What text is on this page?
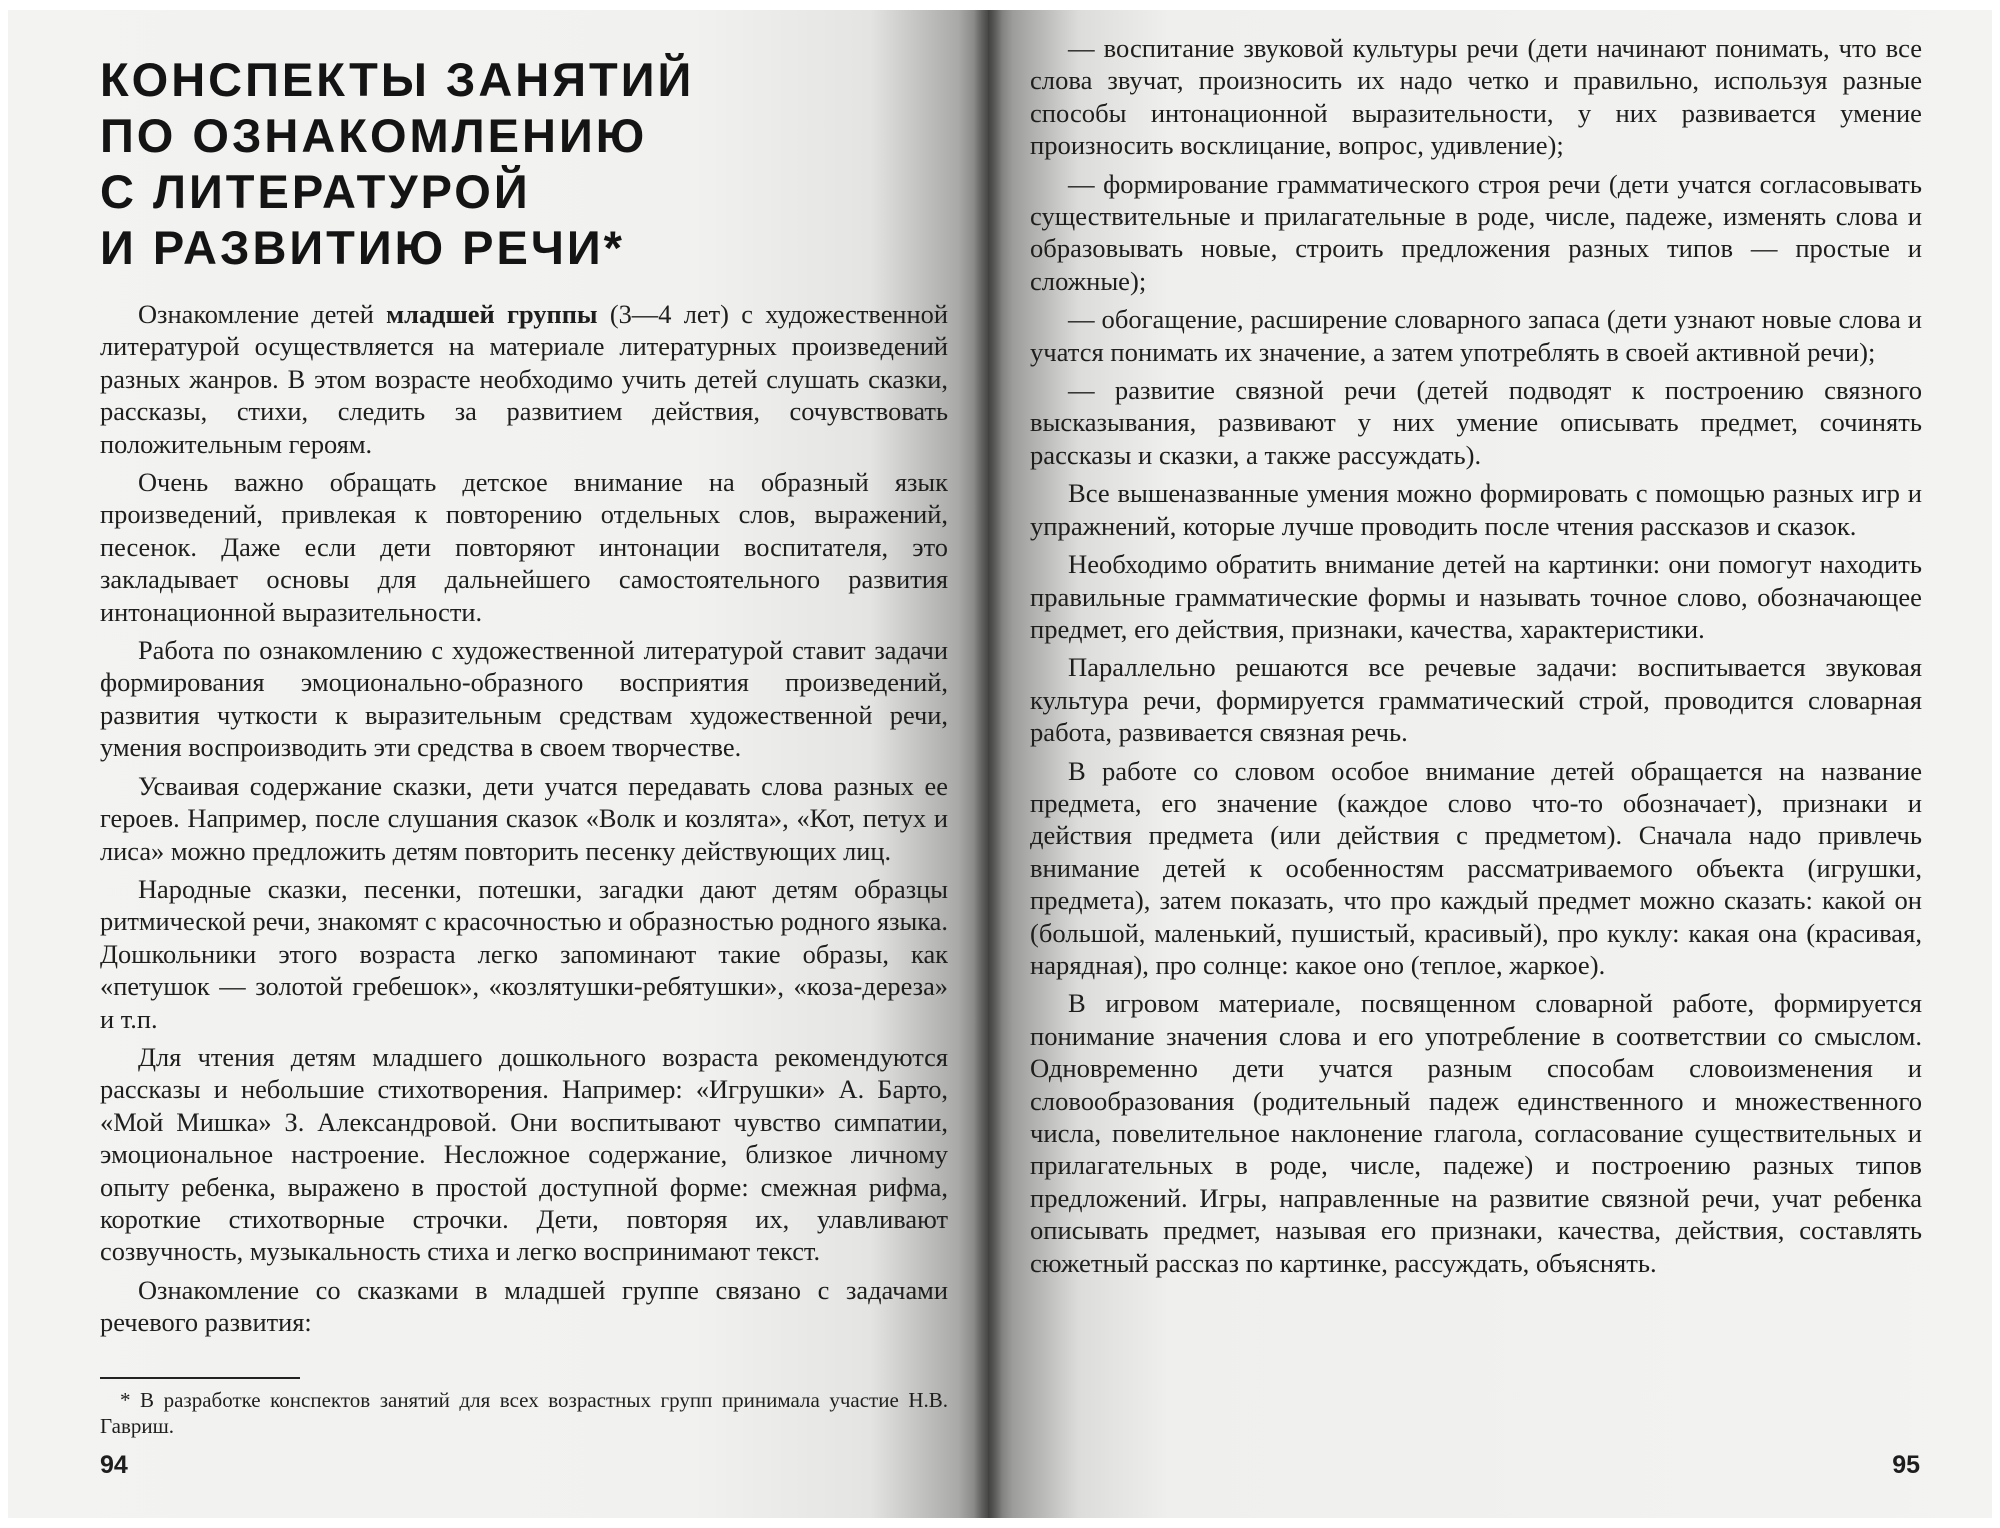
КОНСПЕКТЫ ЗАНЯТИЙ
ПО ОЗНАКОМЛЕНИЮ
С ЛИТЕРАТУРОЙ
И РАЗВИТИЮ РЕЧИ*

Ознакомление детей младшей группы (3—4 лет) с художественной литературой осуществляется на материале литературных произведений разных жанров. В этом возрасте необходимо учить детей слушать сказки, рассказы, стихи, следить за развитием действия, сочувствовать положительным героям.

Очень важно обращать детское внимание на образный язык произведений, привлекая к повторению отдельных слов, выражений, песенок. Даже если дети повторяют интонации воспитателя, это закладывает основы для дальнейшего самостоятельного развития интонационной выразительности.

Работа по ознакомлению с художественной литературой ставит задачи формирования эмоционально-образного восприятия произведений, развития чуткости к выразительным средствам художественной речи, умения воспроизводить эти средства в своем творчестве.

Усваивая содержание сказки, дети учатся передавать слова разных ее героев. Например, после слушания сказок «Волк и козлята», «Кот, петух и лиса» можно предложить детям повторить песенку действующих лиц.

Народные сказки, песенки, потешки, загадки дают детям образцы ритмической речи, знакомят с красочностью и образностью родного языка. Дошкольники этого возраста легко запоминают такие образы, как «петушок — золотой гребешок», «козлятушки-ребятушки», «коза-дереза» и т.п.

Для чтения детям младшего дошкольного возраста рекомендуются рассказы и небольшие стихотворения. Например: «Игрушки» А. Барто, «Мой Мишка» З. Александровой. Они воспитывают чувство симпатии, эмоциональное настроение. Несложное содержание, близкое личному опыту ребенка, выражено в простой доступной форме: смежная рифма, короткие стихотворные строчки. Дети, повторяя их, улавливают созвучность, музыкальность стиха и легко воспринимают текст.

Ознакомление со сказками в младшей группе связано с задачами речевого развития:

* В разработке конспектов занятий для всех возрастных групп принимала участие Н.В. Гавриш.

94

— воспитание звуковой культуры речи (дети начинают понимать, что все слова звучат, произносить их надо четко и правильно, используя разные способы интонационной выразительности, у них развивается умение произносить восклицание, вопрос, удивление);

— формирование грамматического строя речи (дети учатся согласовывать существительные и прилагательные в роде, числе, падеже, изменять слова и образовывать новые, строить предложения разных типов — простые и сложные);

— обогащение, расширение словарного запаса (дети узнают новые слова и учатся понимать их значение, а затем употреблять в своей активной речи);

— развитие связной речи (детей подводят к построению связного высказывания, развивают у них умение описывать предмет, сочинять рассказы и сказки, а также рассуждать).

Все вышеназванные умения можно формировать с помощью разных игр и упражнений, которые лучше проводить после чтения рассказов и сказок.

Необходимо обратить внимание детей на картинки: они помогут находить правильные грамматические формы и называть точное слово, обозначающее предмет, его действия, признаки, качества, характеристики.

Параллельно решаются все речевые задачи: воспитывается звуковая культура речи, формируется грамматический строй, проводится словарная работа, развивается связная речь.

В работе со словом особое внимание детей обращается на название предмета, его значение (каждое слово что-то обозначает), признаки и действия предмета (или действия с предметом). Сначала надо привлечь внимание детей к особенностям рассматриваемого объекта (игрушки, предмета), затем показать, что про каждый предмет можно сказать: какой он (большой, маленький, пушистый, красивый), про куклу: какая она (красивая, нарядная), про солнце: какое оно (теплое, жаркое).

В игровом материале, посвященном словарной работе, формируется понимание значения слова и его употребление в соответствии со смыслом. Одновременно дети учатся разным способам словоизменения и словообразования (родительный падеж единственного и множественного числа, повелительное наклонение глагола, согласование существительных и прилагательных в роде, числе, падеже) и построению разных типов предложений. Игры, направленные на развитие связной речи, учат ребенка описывать предмет, называя его признаки, качества, действия, составлять сюжетный рассказ по картинке, рассуждать, объяснять.

95
